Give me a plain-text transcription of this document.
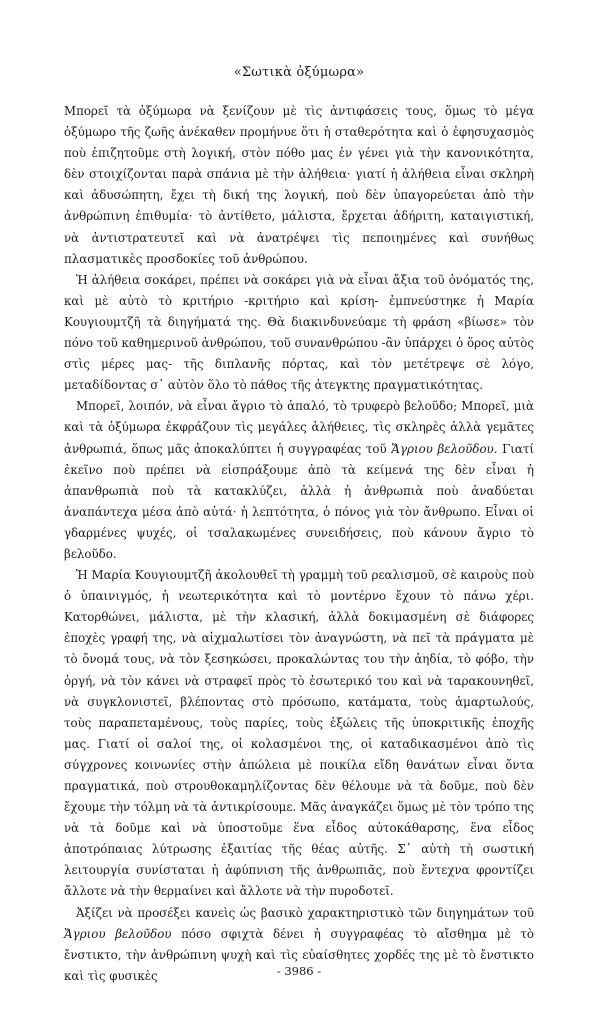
«Σωτικὰ ὀξύμωρα»

Μπορεῖ τὰ ὀξύμωρα νὰ ξενίζουν μὲ τὶς ἀντιφάσεις τους, ὅμως τὸ μέγα ὀξύμωρο τῆς ζωῆς ἀνέκαθεν προμήνυε ὅτι ἡ σταθερότητα καὶ ὁ ἐφησυχασμὸς ποὺ ἐπιζητοῦμε στὴ λογική, στὸν πόθο μας ἐν γένει γιὰ τὴν κανονικότητα, δὲν στοιχίζονται παρὰ σπάνια μὲ τὴν ἀλήθεια· γιατί ἡ ἀλήθεια εἶναι σκληρὴ καὶ ἀδυσώπητη, ἔχει τὴ δική της λογική, ποὺ δὲν ὑπαγορεύεται ἀπὸ τὴν ἀνθρώπινη ἐπιθυμία· τὸ ἀντίθετο, μάλιστα, ἔρχεται ἀδήριτη, καταιγιστική, νὰ ἀντιστρατευτεῖ καὶ νὰ ἀνατρέψει τὶς πεποιημένες καὶ συνήθως πλασματικὲς προσδοκίες τοῦ ἀνθρώπου.

Ἡ ἀλήθεια σοκάρει, πρέπει νὰ σοκάρει γιὰ νὰ εἶναι ἄξια τοῦ ὀνόματός της, καὶ μὲ αὐτὸ τὸ κριτήριο -κριτήριο καὶ κρίση- ἐμπνεύστηκε ἡ Μαρία Κουγιουμτζῆ τὰ διηγήματά της. Θὰ διακινδυνεύαμε τὴ φράση «βίωσε» τὸν πόνο τοῦ καθημερινοῦ ἀνθρώπου, τοῦ συνανθρώπου -ἂν ὑπάρχει ὁ ὅρος αὐτὸς στὶς μέρες μας- τῆς διπλανῆς πόρτας, καὶ τὸν μετέτρεψε σὲ λόγο, μεταδίδοντας σ᾿ αὐτὸν ὅλο τὸ πάθος τῆς ἀτεγκτης πραγματικότητας.

Μπορεῖ, λοιπόν, νὰ εἶναι ἄγριο τὸ ἁπαλό, τὸ τρυφερὸ βελοῦδο; Μπορεῖ, μιὰ καὶ τὰ ὀξύμωρα ἐκφράζουν τὶς μεγάλες ἀλήθειες, τὶς σκληρὲς ἀλλὰ γεμᾶτες ἀνθρωπιά, ὅπως μᾶς ἀποκαλύπτει ἡ συγγραφέας τοῦ Ἄγριου βελοῦδου. Γιατί ἐκεῖνο ποὺ πρέπει νὰ εἰσπράξουμε ἀπὸ τὰ κείμενά της δὲν εἶναι ἡ ἀπανθρωπιὰ ποὺ τὰ κατακλύζει, ἀλλὰ ἡ ἀνθρωπιὰ ποὺ ἀναδύεται ἀναπάντεχα μέσα ἀπὸ αὐτά· ἡ λεπτότητα, ὁ πόνος γιὰ τὸν ἄνθρωπο. Εἶναι οἱ γδαρμένες ψυχές, οἱ τσαλακωμένες συνειδήσεις, ποὺ κάνουν ἄγριο τὸ βελοῦδο.

Ἡ Μαρία Κουγιουμτζῆ ἀκολουθεῖ τὴ γραμμὴ τοῦ ρεαλισμοῦ, σὲ καιροὺς ποὺ ὁ ὑπαινιγμός, ἡ νεωτερικότητα καὶ τὸ μοντέρνο ἔχουν τὸ πάνω χέρι. Κατορθώνει, μάλιστα, μὲ τὴν κλασική, ἀλλὰ δοκιμασμένη σὲ διάφορες ἐποχὲς γραφή της, νὰ αἰχμαλωτίσει τὸν ἀναγνώστη, νὰ πεῖ τὰ πράγματα μὲ τὸ ὄνομά τους, νὰ τὸν ξεσηκώσει, προκαλώντας του τὴν ἀηδία, τὸ φόβο, τὴν ὀργή, νὰ τὸν κάνει νὰ στραφεῖ πρὸς τὸ ἐσωτερικό του καὶ νὰ ταρακουνηθεῖ, νὰ συγκλονιστεῖ, βλέποντας στὸ πρόσωπο, κατάματα, τοὺς ἁμαρτωλούς, τοὺς παραπεταμένους, τοὺς παρίες, τοὺς ἐξώλεις τῆς ὑποκριτικῆς ἐποχῆς μας. Γιατί οἱ σαλοί της, οἱ κολασμένοι της, οἱ καταδικασμένοι ἀπὸ τὶς σύγχρονες κοινωνίες στὴν ἀπώλεια μὲ ποικίλα εἴδη θανάτων εἶναι ὄντα πραγματικά, ποὺ στρουθοκαμηλίζοντας δὲν θέλουμε νὰ τὰ δοῦμε, ποὺ δὲν ἔχουμε τὴν τόλμη νὰ τὰ ἀντικρίσουμε. Μᾶς ἀναγκάζει ὅμως μὲ τὸν τρόπο της νὰ τὰ δοῦμε καὶ νὰ ὑποστοῦμε ἕνα εἶδος αὐτοκάθαρσης, ἕνα εἶδος ἀποτρόπαιας λύτρωσης ἐξαιτίας τῆς θέας αὐτῆς. Σ᾿ αὐτὴ τὴ σωστική λειτουργία συνίσταται ἡ ἀφύπνιση τῆς ἀνθρωπιᾶς, ποὺ ἔντεχνα φροντίζει ἄλλοτε νὰ τὴν θερμαίνει καὶ ἄλλοτε νὰ τὴν πυροδοτεῖ.

Ἀξίζει νὰ προσέξει κανεὶς ὡς βασικὸ χαρακτηριστικὸ τῶν διηγημάτων τοῦ Ἄγριου βελοῦδου πόσο σφιχτὰ δένει ἡ συγγραφέας τὸ αἴσθημα μὲ τὸ ἔνστικτο, τὴν ἀνθρώπινη ψυχὴ καὶ τὶς εὐαίσθητες χορδές της μὲ τὸ ἔνστικτο καὶ τὶς φυσικὲς	- 3986 -
